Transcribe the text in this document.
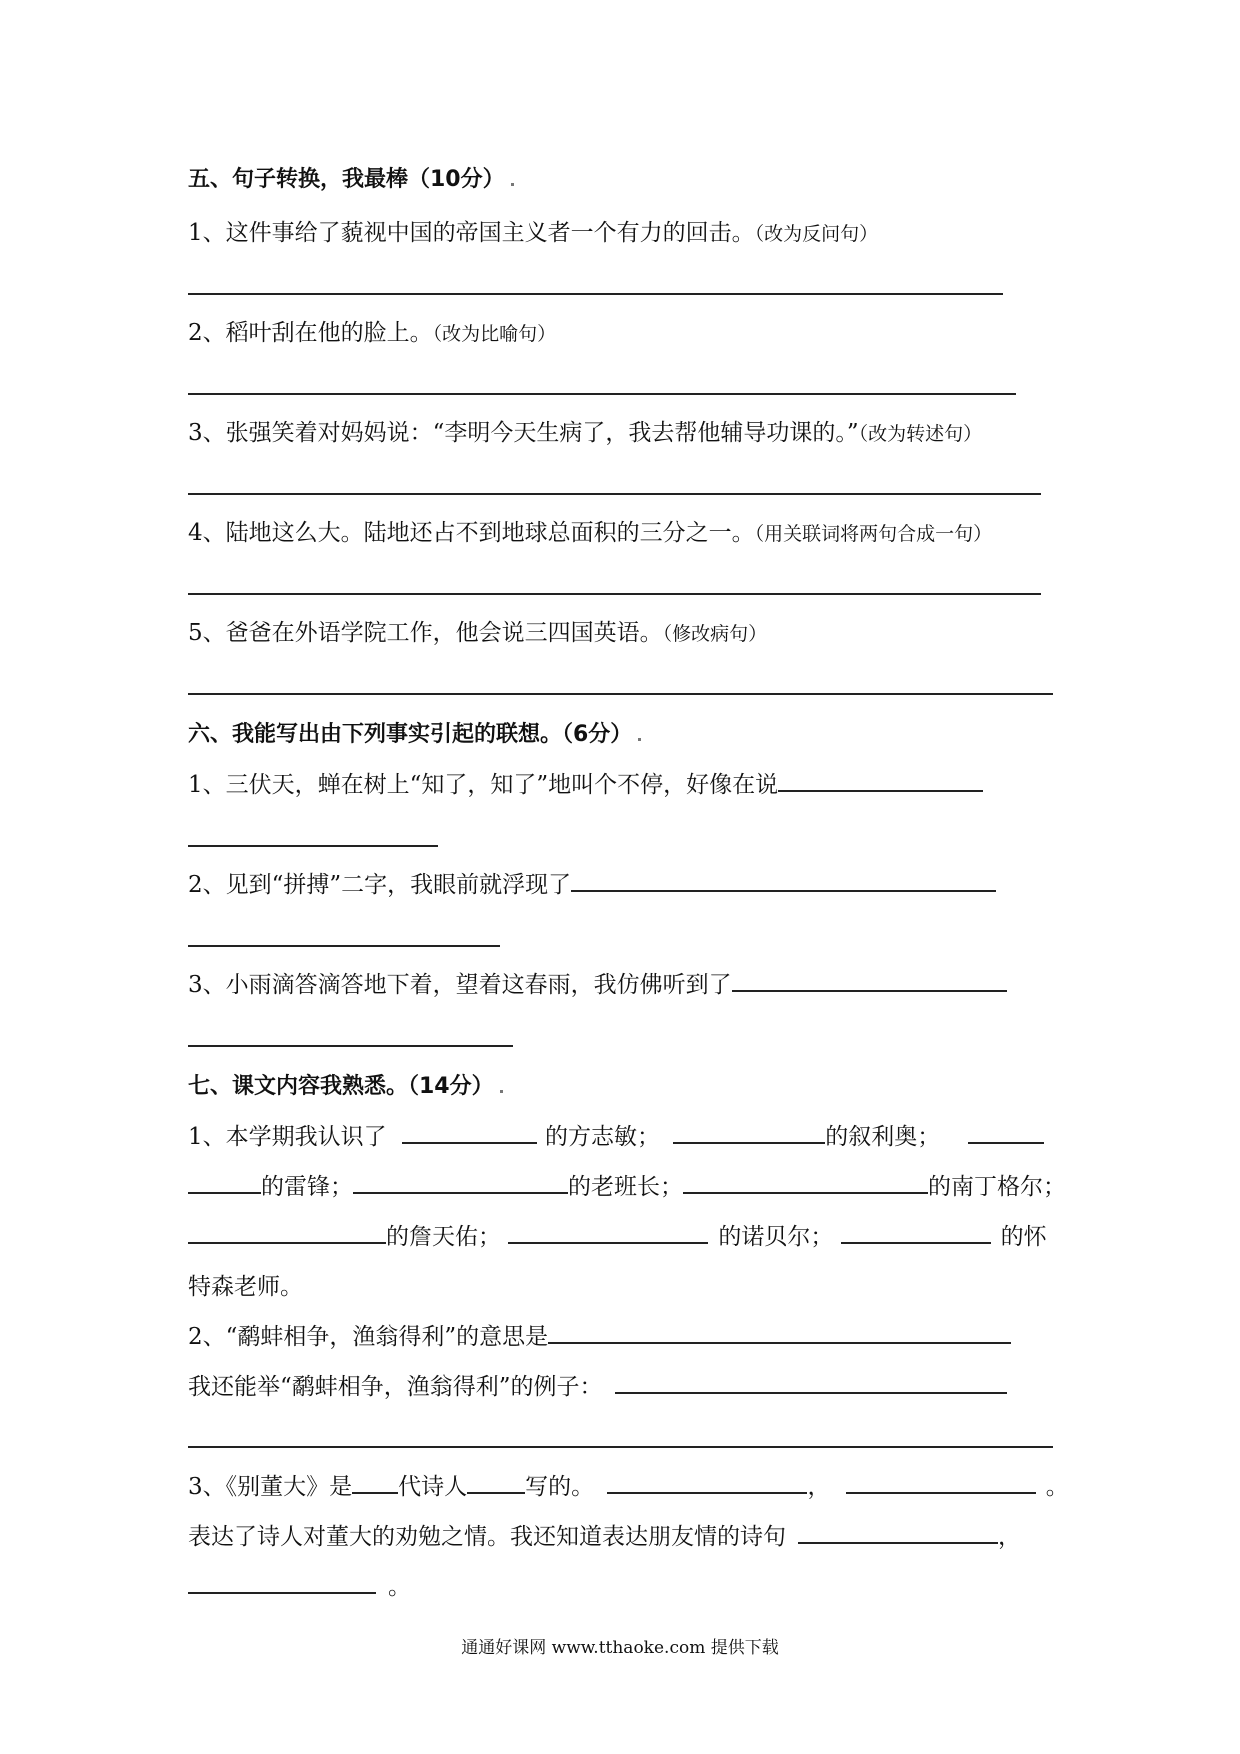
五、句子转换，我最棒（10分）
1、这件事给了藐视中国的帝国主义者一个有力的回击。（改为反问句）
2、稻叶刮在他的脸上。（改为比喻句）
3、张强笑着对妈妈说：“李明今天生病了，我去帮他辅导功课的。”（改为转述句）
4、陆地这么大。陆地还占不到地球总面积的三分之一。（用关联词将两句合成一句）
5、爸爸在外语学院工作，他会说三四国英语。（修改病句）
六、我能写出由下列事实引起的联想。（6分）
1、三伏天，蝉在树上“知了，知了”地叫个不停，好像在说
2、见到“拼搏”二字，我眼前就浮现了
3、小雨滴答滴答地下着，望着这春雨，我仿佛听到了
七、课文内容我熟悉。（14分）
1、本学期我认识了	的方志敏；	的叙利奥；
的雷锋；	的老班长；	的南丁格尔；
的詹天佑；	的诺贝尔；	的怀
特森老师。
2、“鹬蚌相争，渔翁得利”的意思是
我还能举“鹬蚌相争，渔翁得利”的例子：
3、《别董大》是 代诗人	写的。	，	。
表达了诗人对董大的劝勉之情。我还知道表达朋友情的诗句	，
。
通通好课网 www.tthaoke.com 提供下载
